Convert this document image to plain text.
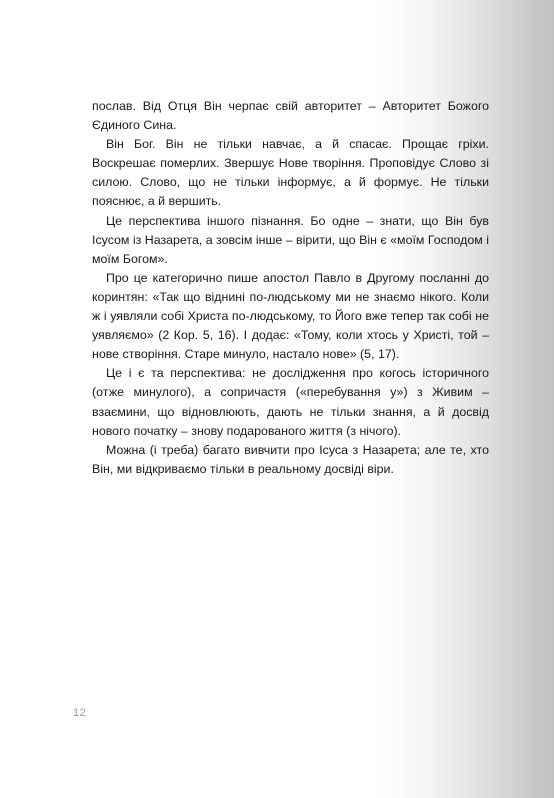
послав. Від Отця Він черпає свій авторитет – Авторитет Божого Єдиного Сина.

Він Бог. Він не тільки навчає, а й спасає. Прощає гріхи. Воскрешає померлих. Звершує Нове творіння. Проповідує Слово зі силою. Слово, що не тільки інформує, а й формує. Не тільки пояснює, а й вершить.

Це перспектива іншого пізнання. Бо одне – знати, що Він був Ісусом із Назарета, а зовсім інше – вірити, що Він є «моїм Господом і моїм Богом».

Про це категорично пише апостол Павло в Другому посланні до коринтян: «Так що віднині по-людському ми не знаємо нікого. Коли ж і уявляли собі Христа по-людському, то Його вже тепер так собі не уявляємо» (2 Кор. 5, 16). І додає: «Тому, коли хтось у Христі, той – нове створіння. Старе минуло, настало нове» (5, 17).

Це і є та перспектива: не дослідження про когось історичного (отже минулого), а сопричастя («перебування у») з Живим – взаємини, що відновлюють, дають не тільки знання, а й досвід нового початку – знову подарованого життя (з нічого).

Можна (і треба) багато вивчити про Ісуса з Назарета; але те, хто Він, ми відкриваємо тільки в реальному досвіді віри.

12
